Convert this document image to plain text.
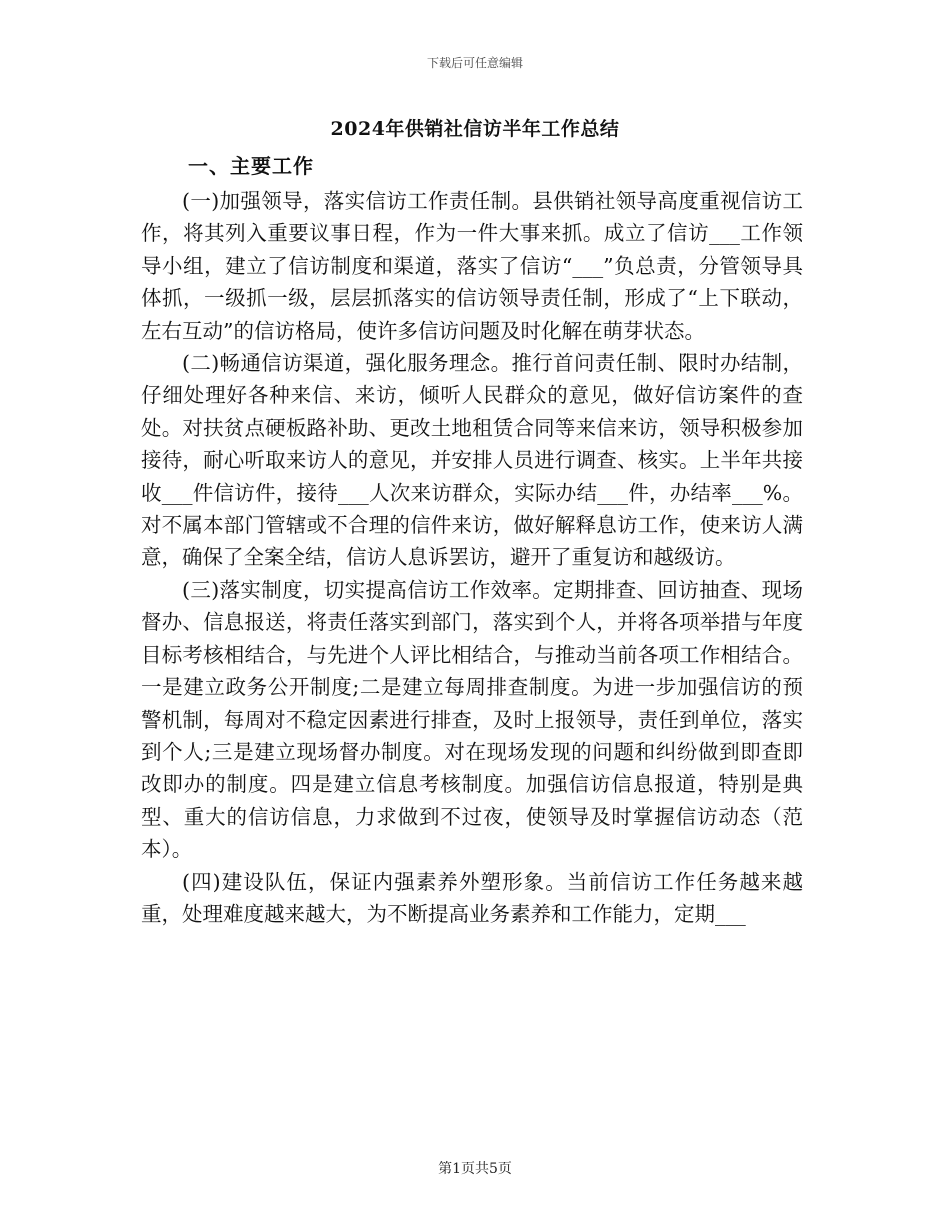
下载后可任意编辑
2024年供销社信访半年工作总结
一、主要工作

(一)加强领导，落实信访工作责任制。县供销社领导高度重视信访工作，将其列入重要议事日程，作为一件大事来抓。成立了信访___工作领导小组，建立了信访制度和渠道，落实了信访“___”负总责，分管领导具体抓，一级抓一级，层层抓落实的信访领导责任制，形成了“上下联动，左右互动”的信访格局，使许多信访问题及时化解在萌芽状态。

(二)畅通信访渠道，强化服务理念。推行首问责任制、限时办结制，仔细处理好各种来信、来访，倾听人民群众的意见，做好信访案件的查处。对扶贫点硬板路补助、更改土地租赁合同等来信来访，领导积极参加接待，耐心听取来访人的意见，并安排人员进行调查、核实。上半年共接收___件信访件，接待___人次来访群众，实际办结___件，办结率___%。对不属本部门管辖或不合理的信件来访，做好解释息访工作，使来访人满意，确保了全案全结，信访人息诉罢访，避开了重复访和越级访。

(三)落实制度，切实提高信访工作效率。定期排查、回访抽查、现场督办、信息报送，将责任落实到部门，落实到个人，并将各项举措与年度目标考核相结合，与先进个人评比相结合，与推动当前各项工作相结合。一是建立政务公开制度;二是建立每周排查制度。为进一步加强信访的预警机制，每周对不稳定因素进行排查，及时上报领导，责任到单位，落实到个人;三是建立现场督办制度。对在现场发现的问题和纠纷做到即查即改即办的制度。四是建立信息考核制度。加强信访信息报道，特别是典型、重大的信访信息，力求做到不过夜，使领导及时掌握信访动态（范本）。

(四)建设队伍，保证内强素养外塑形象。当前信访工作任务越来越重，处理难度越来越大，为不断提高业务素养和工作能力，定期___

第1页共5页
